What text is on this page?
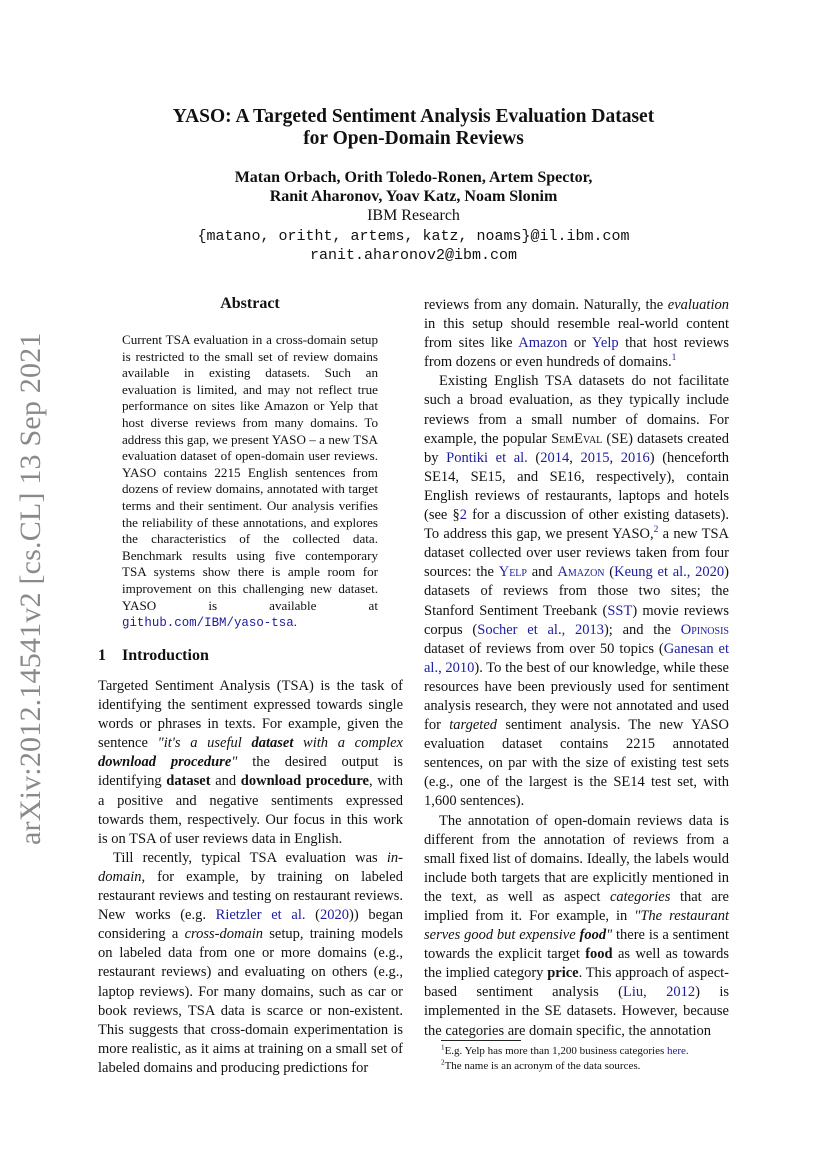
arXiv:2012.14541v2 [cs.CL] 13 Sep 2021
YASO: A Targeted Sentiment Analysis Evaluation Dataset
for Open-Domain Reviews
Matan Orbach, Orith Toledo-Ronen, Artem Spector,
Ranit Aharonov, Yoav Katz, Noam Slonim
IBM Research
{matano, oritht, artems, katz, noams}@il.ibm.com
ranit.aharonov2@ibm.com
Abstract
Current TSA evaluation in a cross-domain setup is restricted to the small set of review domains available in existing datasets. Such an evaluation is limited, and may not reflect true performance on sites like Amazon or Yelp that host diverse reviews from many domains. To address this gap, we present YASO – a new TSA evaluation dataset of open-domain user reviews. YASO contains 2215 English sentences from dozens of review domains, annotated with target terms and their sentiment. Our analysis verifies the reliability of these annotations, and explores the characteristics of the collected data. Benchmark results using five contemporary TSA systems show there is ample room for improvement on this challenging new dataset. YASO is available at github.com/IBM/yaso-tsa.
1 Introduction

Targeted Sentiment Analysis (TSA) is the task of identifying the sentiment expressed towards single words or phrases in texts. For example, given the sentence "it's a useful dataset with a complex download procedure" the desired output is identifying dataset and download procedure, with a positive and negative sentiments expressed towards them, respectively. Our focus in this work is on TSA of user reviews data in English.

Till recently, typical TSA evaluation was in-domain, for example, by training on labeled restaurant reviews and testing on restaurant reviews. New works (e.g. Rietzler et al. (2020)) began considering a cross-domain setup, training models on labeled data from one or more domains (e.g., restaurant reviews) and evaluating on others (e.g., laptop reviews). For many domains, such as car or book reviews, TSA data is scarce or non-existent. This suggests that cross-domain experimentation is more realistic, as it aims at training on a small set of labeled domains and producing predictions for

reviews from any domain. Naturally, the evaluation in this setup should resemble real-world content from sites like Amazon or Yelp that host reviews from dozens or even hundreds of domains.$^1$

Existing English TSA datasets do not facilitate such a broad evaluation, as they typically include reviews from a small number of domains. For example, the popular SemEval (SE) datasets created by Pontiki et al. (2014, 2015, 2016) (henceforth SE14, SE15, and SE16, respectively), contain English reviews of restaurants, laptops and hotels (see §2 for a discussion of other existing datasets). To address this gap, we present YASO,$^2$ a new TSA dataset collected over user reviews taken from four sources: the Yelp and Amazon (Keung et al., 2020) datasets of reviews from those two sites; the Stanford Sentiment Treebank (SST) movie reviews corpus (Socher et al., 2013); and the Opinosis dataset of reviews from over 50 topics (Ganesan et al., 2010). To the best of our knowledge, while these resources have been previously used for sentiment analysis research, they were not annotated and used for targeted sentiment analysis. The new YASO evaluation dataset contains 2215 annotated sentences, on par with the size of existing test sets (e.g., one of the largest is the SE14 test set, with 1,600 sentences).

The annotation of open-domain reviews data is different from the annotation of reviews from a small fixed list of domains. Ideally, the labels would include both targets that are explicitly mentioned in the text, as well as aspect categories that are implied from it. For example, in "The restaurant serves good but expensive food" there is a sentiment towards the explicit target food as well as towards the implied category price. This approach of aspect-based sentiment analysis (Liu, 2012) is implemented in the SE datasets. However, because the categories are domain specific, the annotation

$^1$E.g. Yelp has more than 1,200 business categories here.
$^2$The name is an acronym of the data sources.
